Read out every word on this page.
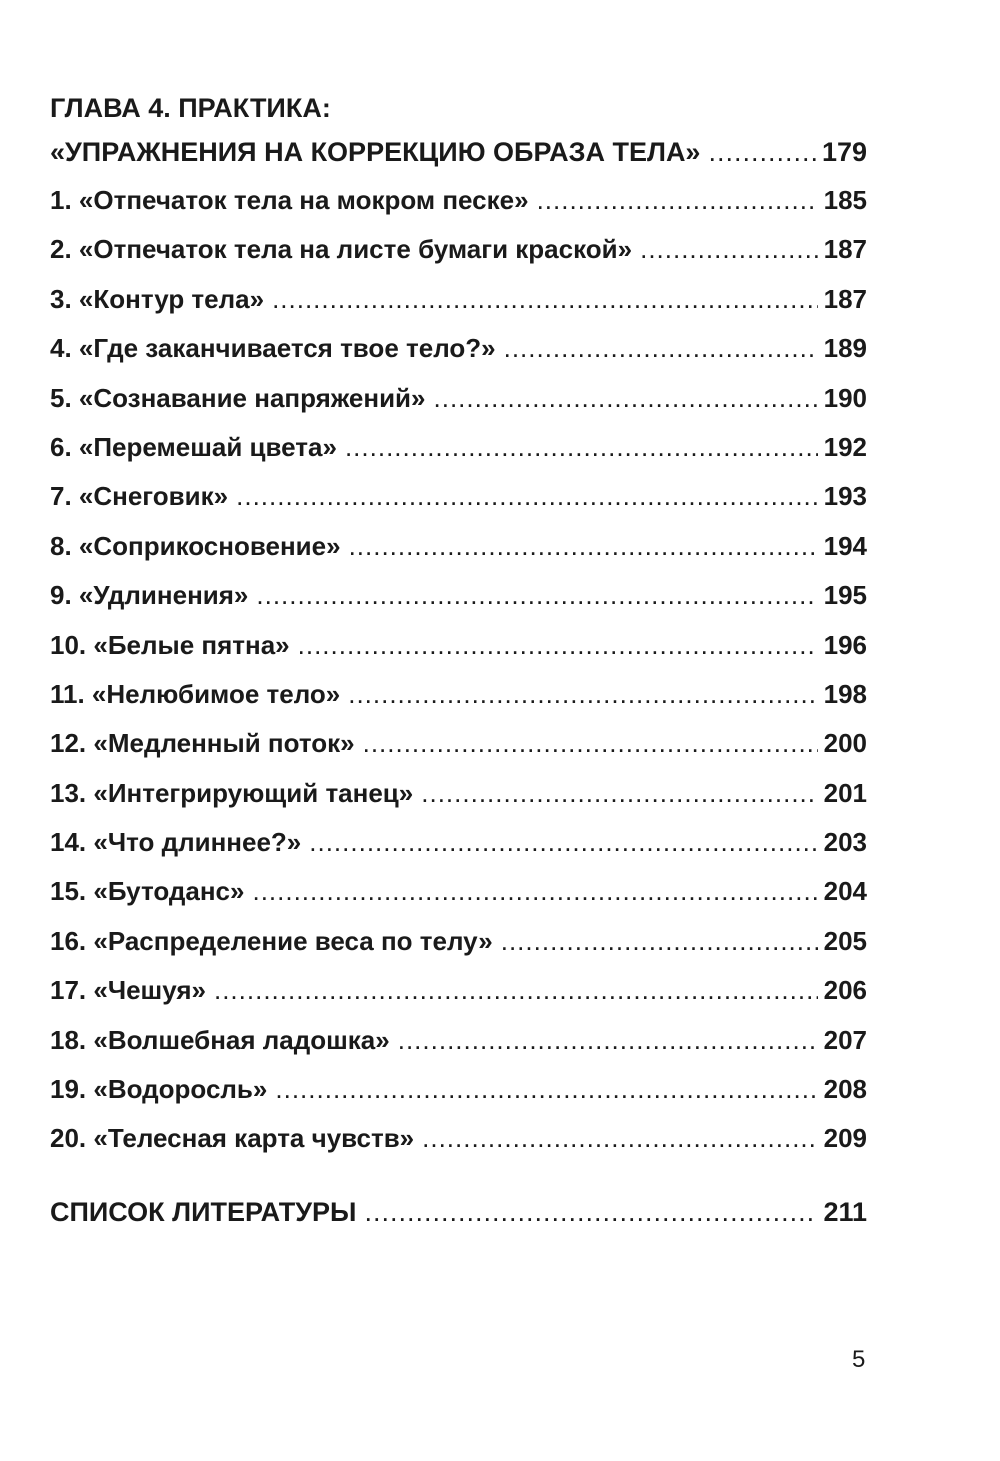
ГЛАВА 4. ПРАКТИКА:
«УПРАЖНЕНИЯ НА КОРРЕКЦИЮ ОБРАЗА ТЕЛА» .....	179
1. «Отпечаток тела на мокром песке» .....	185
2. «Отпечаток тела на листе бумаги краской» .....	187
3. «Контур тела» .....	187
4. «Где заканчивается твое тело?» .....	189
5. «Сознавание напряжений» .....	190
6. «Перемешай цвета» .....	192
7. «Снеговик» .....	193
8. «Соприкосновение» .....	194
9. «Удлинения» .....	195
10. «Белые пятна» .....	196
11. «Нелюбимое тело» .....	198
12. «Медленный поток» .....	200
13. «Интегрирующий танец» .....	201
14. «Что длиннее?» .....	203
15. «Бутоданс» .....	204
16. «Распределение веса по телу» .....	205
17. «Чешуя» .....	206
18. «Волшебная ладошка» .....	207
19. «Водоросль» .....	208
20. «Телесная карта чувств» .....	209
СПИСОК ЛИТЕРАТУРЫ .....	211
5
